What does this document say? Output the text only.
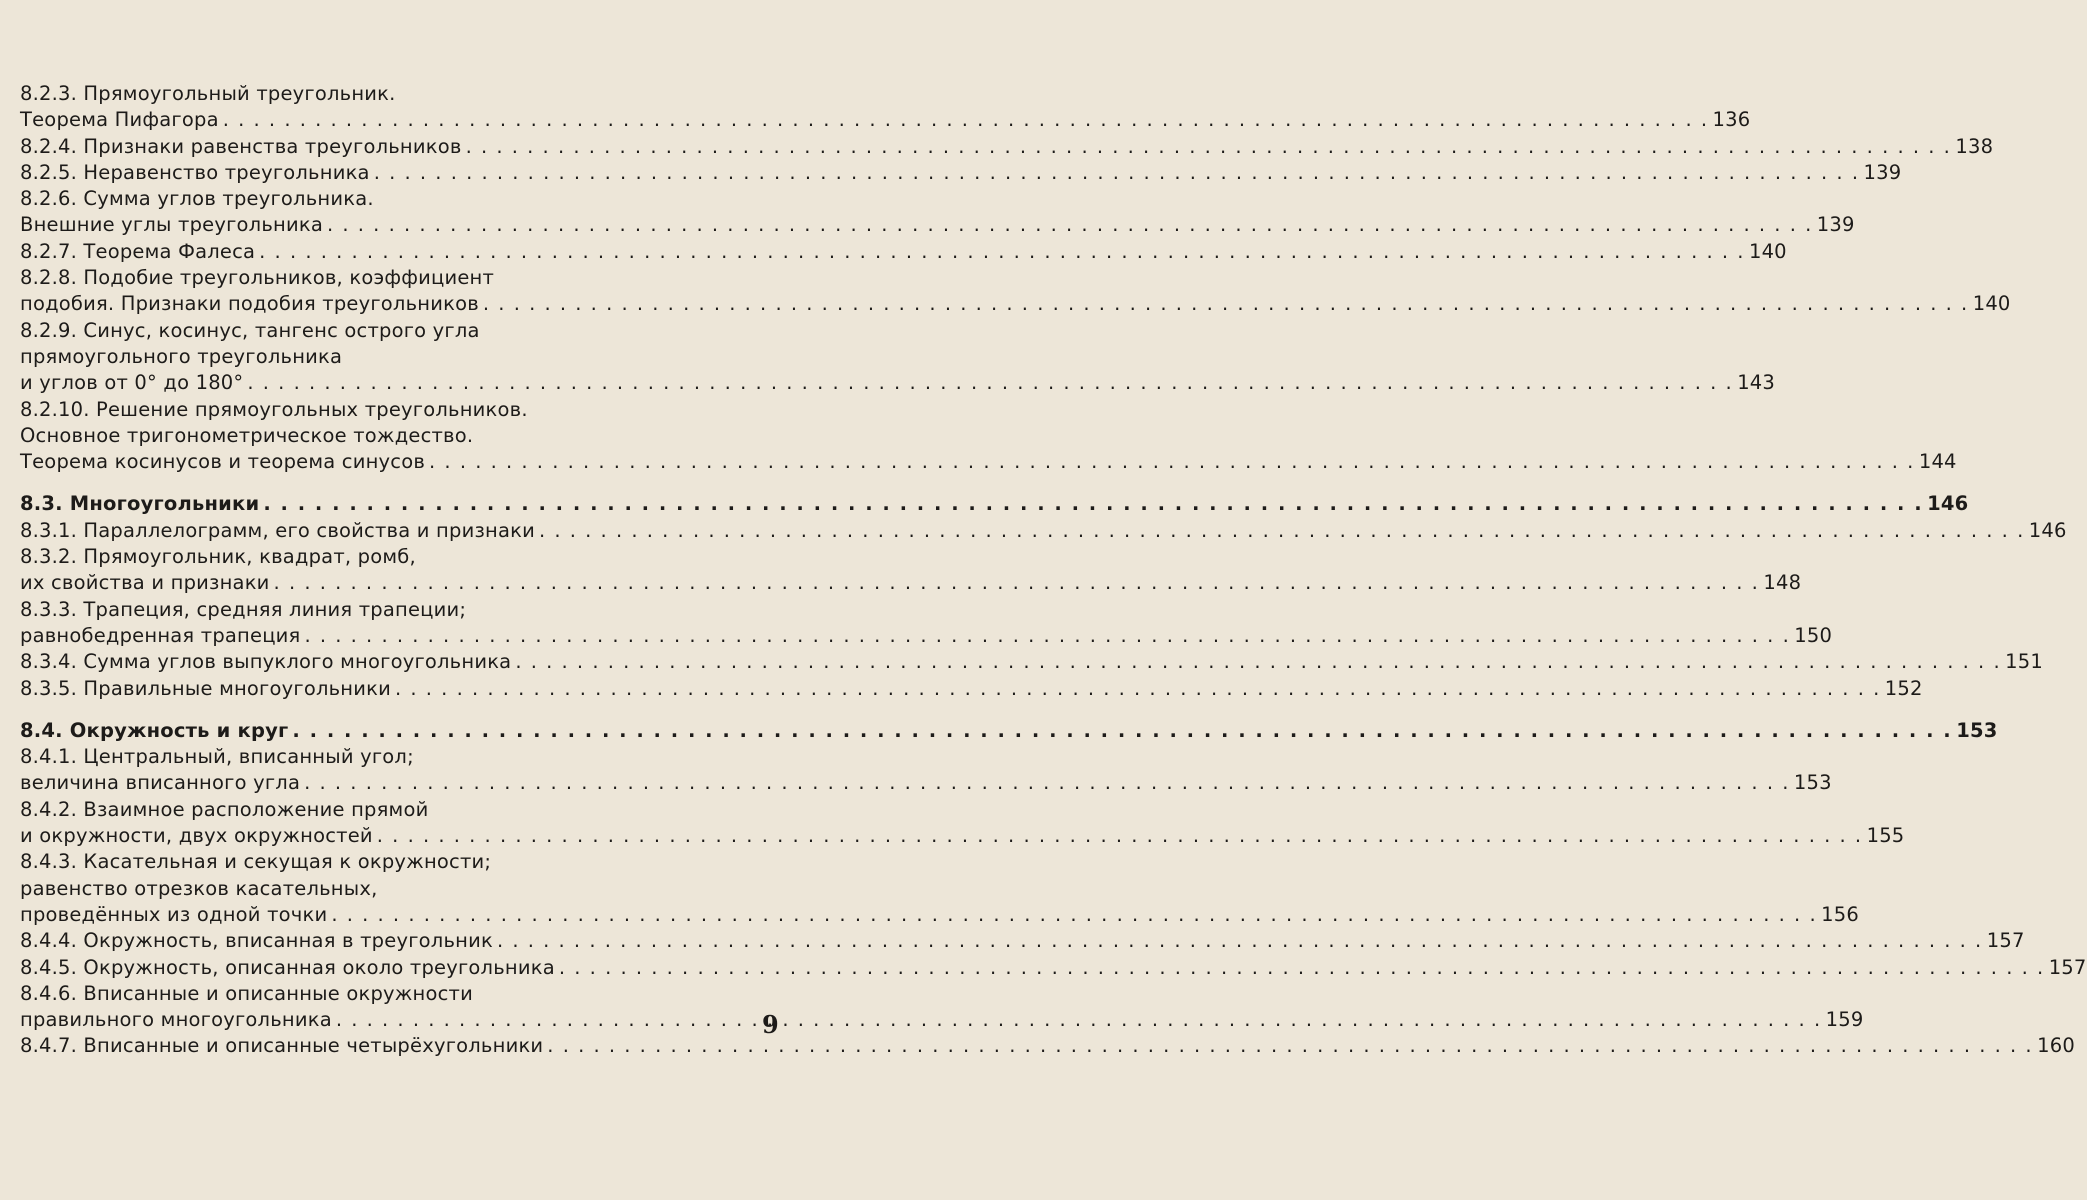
8.2.3. Прямоугольный треугольник.
Теорема Пифагора . . .	136
8.2.4. Признаки равенства треугольников . . .	138
8.2.5. Неравенство треугольника . . .	139
8.2.6. Сумма углов треугольника.
Внешние углы треугольника . . .	139
8.2.7. Теорема Фалеса . . .	140
8.2.8. Подобие треугольников, коэффициент
подобия. Признаки подобия треугольников . . .	140
8.2.9. Синус, косинус, тангенс острого угла
прямоугольного треугольника
и углов от 0° до 180° . . .	143
8.2.10. Решение прямоугольных треугольников.
Основное тригонометрическое тождество.
Теорема косинусов и теорема синусов . . .	144
8.3. Многоугольники . . .	146
8.3.1. Параллелограмм, его свойства и признаки . . .	146
8.3.2. Прямоугольник, квадрат, ромб,
их свойства и признаки . . .	148
8.3.3. Трапеция, средняя линия трапеции;
равнобедренная трапеция . . .	150
8.3.4. Сумма углов выпуклого многоугольника . . .	151
8.3.5. Правильные многоугольники . . .	152
8.4. Окружность и круг . . .	153
8.4.1. Центральный, вписанный угол;
величина вписанного угла . . .	153
8.4.2. Взаимное расположение прямой
и окружности, двух окружностей . . .	155
8.4.3. Касательная и секущая к окружности;
равенство отрезков касательных,
проведённых из одной точки . . .	156
8.4.4. Окружность, вписанная в треугольник . . .	157
8.4.5. Окружность, описанная около треугольника . . .	157
8.4.6. Вписанные и описанные окружности
правильного многоугольника . . .	159
8.4.7. Вписанные и описанные четырёхугольники . . .	160
9
